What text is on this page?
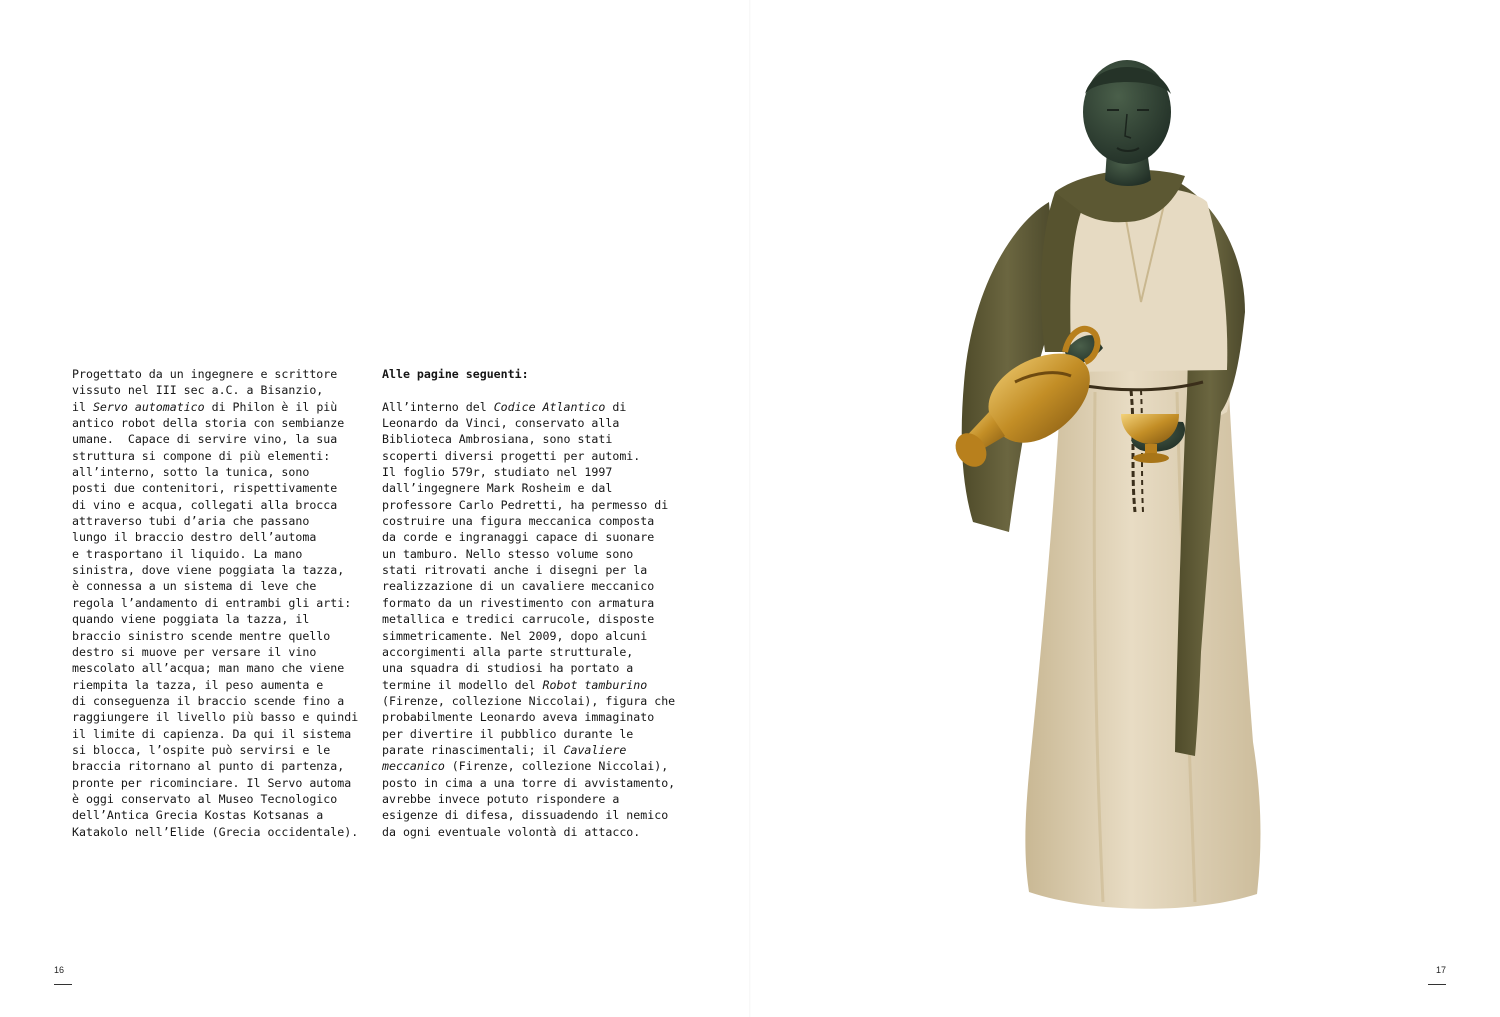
Progettato da un ingegnere e scrittore
vissuto nel III sec a.C. a Bisanzio,
il Servo automatico di Philon è il più
antico robot della storia con sembianze
umane.  Capace di servire vino, la sua
struttura si compone di più elementi:
all’interno, sotto la tunica, sono
posti due contenitori, rispettivamente
di vino e acqua, collegati alla brocca
attraverso tubi d’aria che passano
lungo il braccio destro dell’automa
e trasportano il liquido. La mano
sinistra, dove viene poggiata la tazza,
è connessa a un sistema di leve che
regola l’andamento di entrambi gli arti:
quando viene poggiata la tazza, il
braccio sinistro scende mentre quello
destro si muove per versare il vino
mescolato all’acqua; man mano che viene
riempita la tazza, il peso aumenta e
di conseguenza il braccio scende fino a
raggiungere il livello più basso e quindi
il limite di capienza. Da qui il sistema
si blocca, l’ospite può servirsi e le
braccia ritornano al punto di partenza,
pronte per ricominciare. Il Servo automa
è oggi conservato al Museo Tecnologico
dell’Antica Grecia Kostas Kotsanas a
Katakolo nell’Elide (Grecia occidentale).
Alle pagine seguenti:
All’interno del Codice Atlantico di
Leonardo da Vinci, conservato alla
Biblioteca Ambrosiana, sono stati
scoperti diversi progetti per automi.
Il foglio 579r, studiato nel 1997
dall’ingegnere Mark Rosheim e dal
professore Carlo Pedretti, ha permesso di
costruire una figura meccanica composta
da corde e ingranaggi capace di suonare
un tamburo. Nello stesso volume sono
stati ritrovati anche i disegni per la
realizzazione di un cavaliere meccanico
formato da un rivestimento con armatura
metallica e tredici carrucole, disposte
simmetricamente. Nel 2009, dopo alcuni
accorgimenti alla parte strutturale,
una squadra di studiosi ha portato a
termine il modello del Robot tamburino
(Firenze, collezione Niccolai), figura che
probabilmente Leonardo aveva immaginato
per divertire il pubblico durante le
parate rinascimentali; il Cavaliere
meccanico (Firenze, collezione Niccolai),
posto in cima a una torre di avvistamento,
avrebbe invece potuto rispondere a
esigenze di difesa, dissuadendo il nemico
da ogni eventuale volontà di attacco.
16	17
